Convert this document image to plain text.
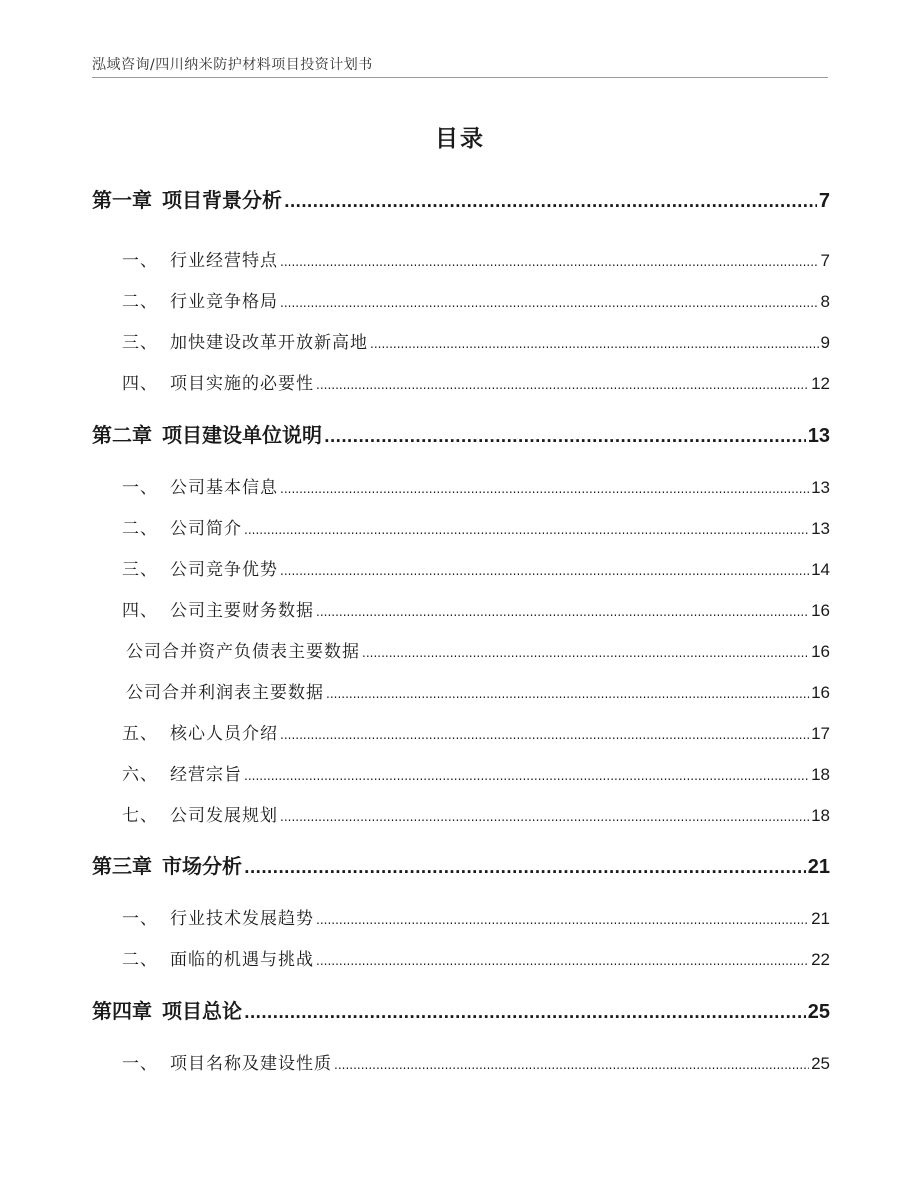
泓域咨询/四川纳米防护材料项目投资计划书
目录
第一章 项目背景分析 .....	7
一、 行业经营特点 .....	7
二、 行业竞争格局 .....	8
三、 加快建设改革开放新高地 .....	9
四、 项目实施的必要性 .....	12
第二章 项目建设单位说明 .....	13
一、 公司基本信息 .....	13
二、 公司简介 .....	13
三、 公司竞争优势 .....	14
四、 公司主要财务数据 .....	16
公司合并资产负债表主要数据 .....	16
公司合并利润表主要数据 .....	16
五、 核心人员介绍 .....	17
六、 经营宗旨 .....	18
七、 公司发展规划 .....	18
第三章 市场分析 .....	21
一、 行业技术发展趋势 .....	21
二、 面临的机遇与挑战 .....	22
第四章 项目总论 .....	25
一、 项目名称及建设性质 .....	25
